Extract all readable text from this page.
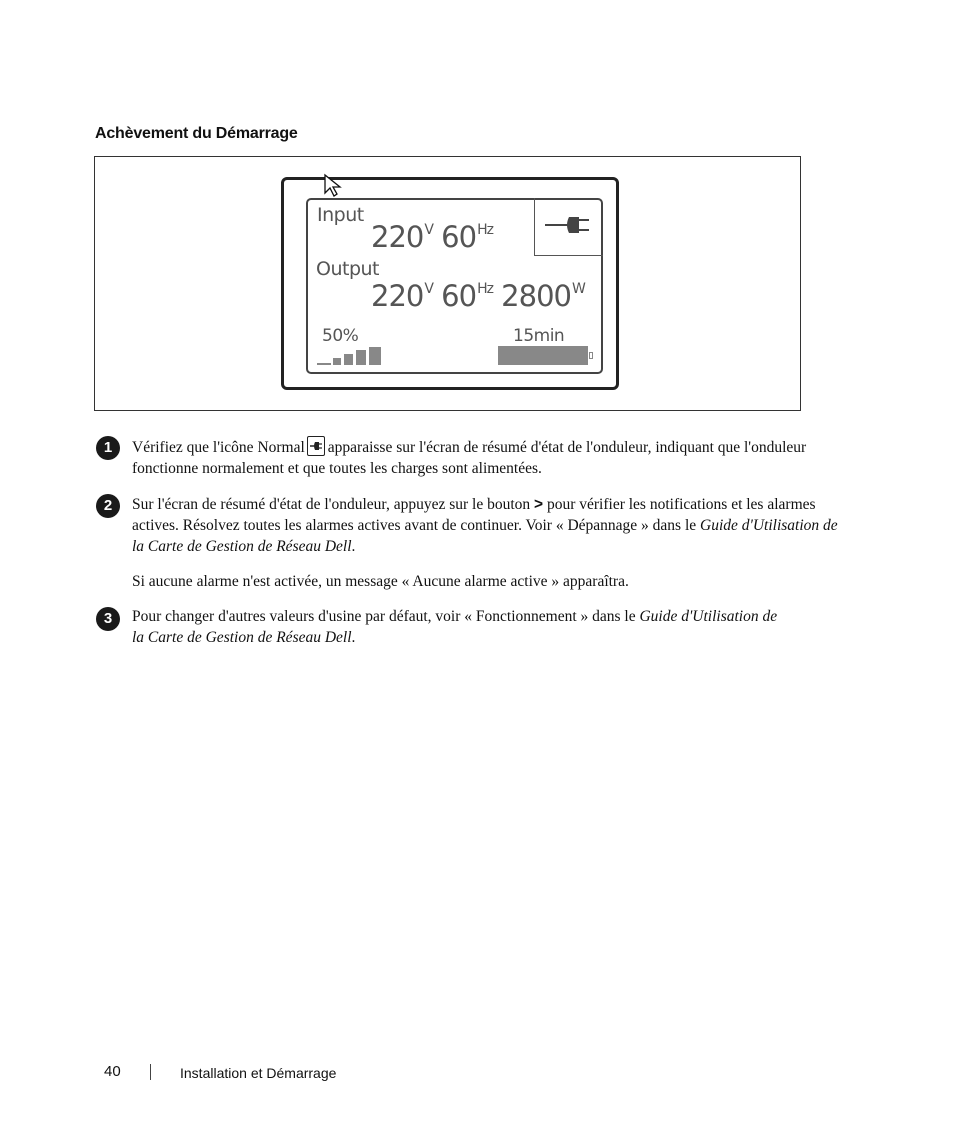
Achèvement du Démarrage
Input
$220^V$ $60^{Hz}$
Output
$220^V$ $60^{Hz}$ $2800^W$
50%	15min
1	Vérifiez que l'icône Normal apparaisse sur l'écran de résumé d'état de l'onduleur, indiquant que l'onduleur fonctionne normalement et que toutes les charges sont alimentées.
2	Sur l'écran de résumé d'état de l'onduleur, appuyez sur le bouton > pour vérifier les notifications et les alarmes actives. Résolvez toutes les alarmes actives avant de continuer. Voir « Dépannage » dans le Guide d'Utilisation de la Carte de Gestion de Réseau Dell.
Si aucune alarme n'est activée, un message « Aucune alarme active » apparaîtra.
3	Pour changer d'autres valeurs d'usine par défaut, voir « Fonctionnement » dans le Guide d'Utilisation de la Carte de Gestion de Réseau Dell.
40	Installation et Démarrage
